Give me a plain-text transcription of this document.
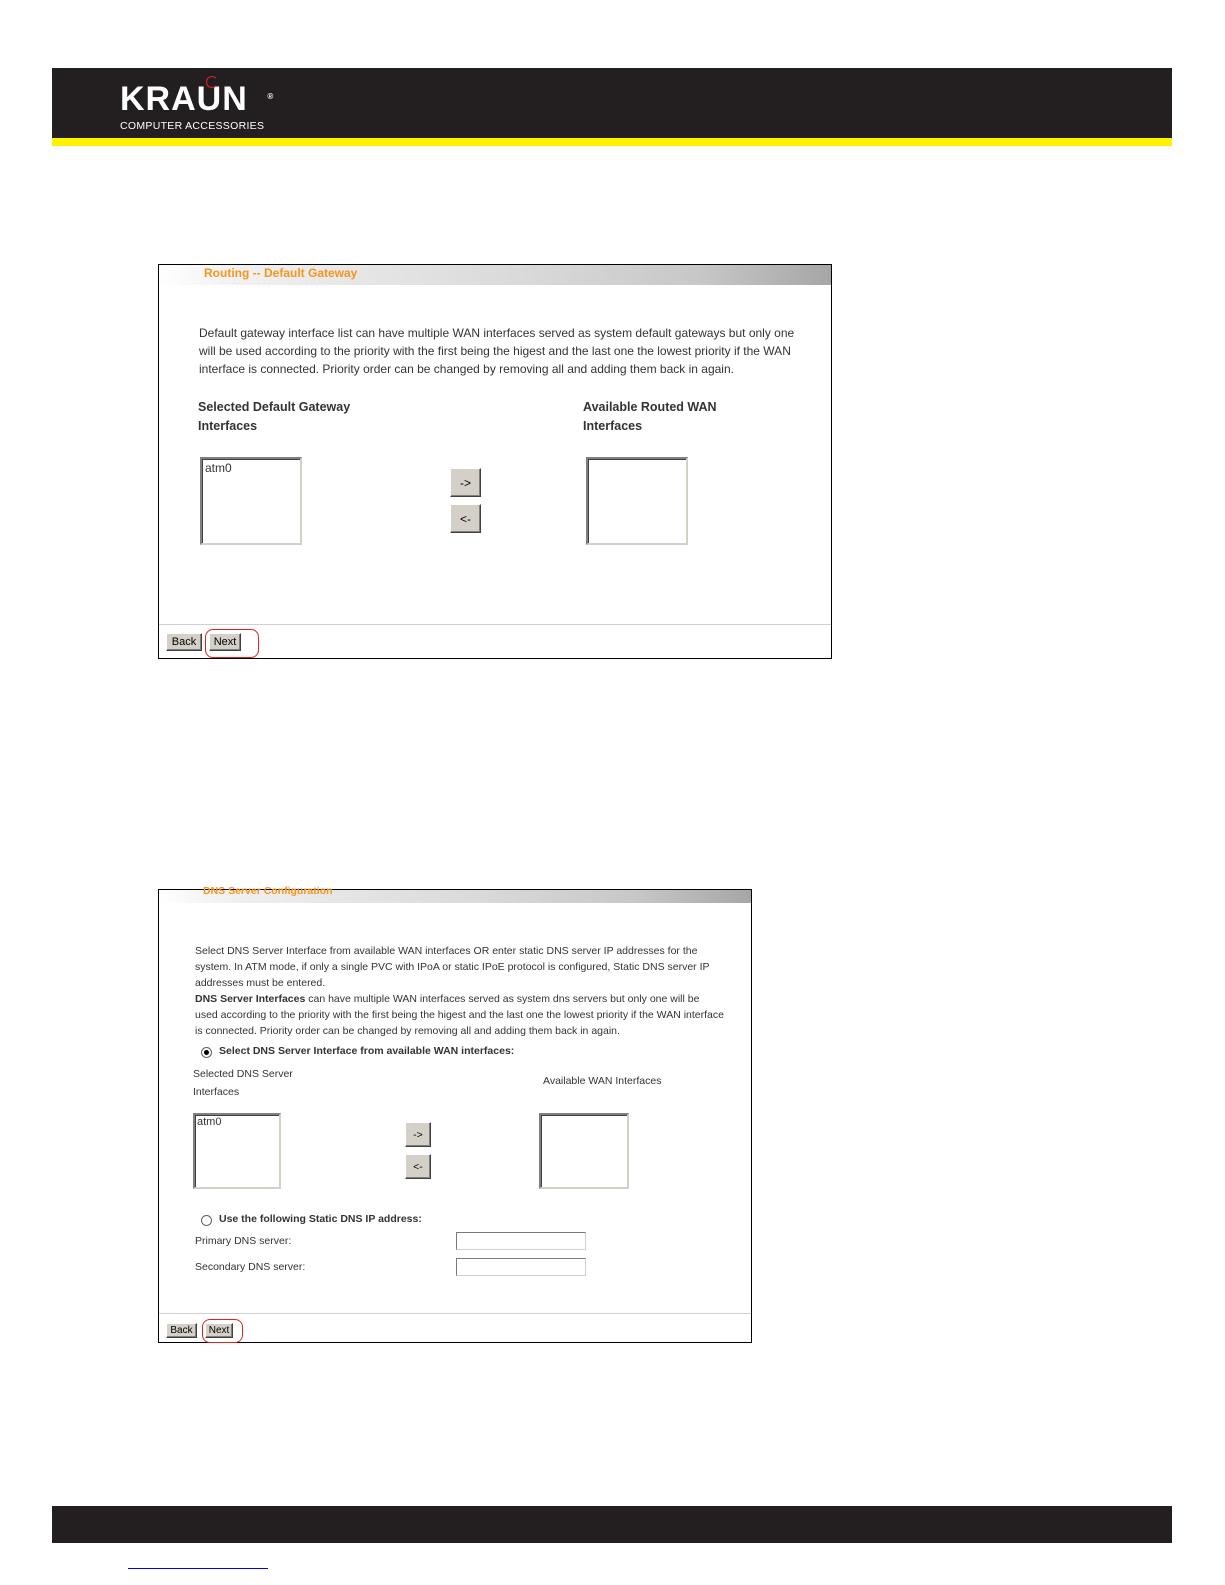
KRAUN ®
COMPUTER ACCESSORIES
Routing -- Default Gateway
Default gateway interface list can have multiple WAN interfaces served as system default gateways but only one
will be used according to the priority with the first being the higest and the last one the lowest priority if the WAN
interface is connected. Priority order can be changed by removing all and adding them back in again.
Selected Default Gateway
Interfaces
Available Routed WAN
Interfaces
atm0
->
<-
Back	Next
DNS Server Configuration
Select DNS Server Interface from available WAN interfaces OR enter static DNS server IP addresses for the
system. In ATM mode, if only a single PVC with IPoA or static IPoE protocol is configured, Static DNS server IP
addresses must be entered.
DNS Server Interfaces can have multiple WAN interfaces served as system dns servers but only one will be
used according to the priority with the first being the higest and the last one the lowest priority if the WAN interface
is connected. Priority order can be changed by removing all and adding them back in again.
Select DNS Server Interface from available WAN interfaces:
Selected DNS Server
Interfaces
Available WAN Interfaces
atm0
->
<-
Use the following Static DNS IP address:
Primary DNS server:
Secondary DNS server:
Back	Next
